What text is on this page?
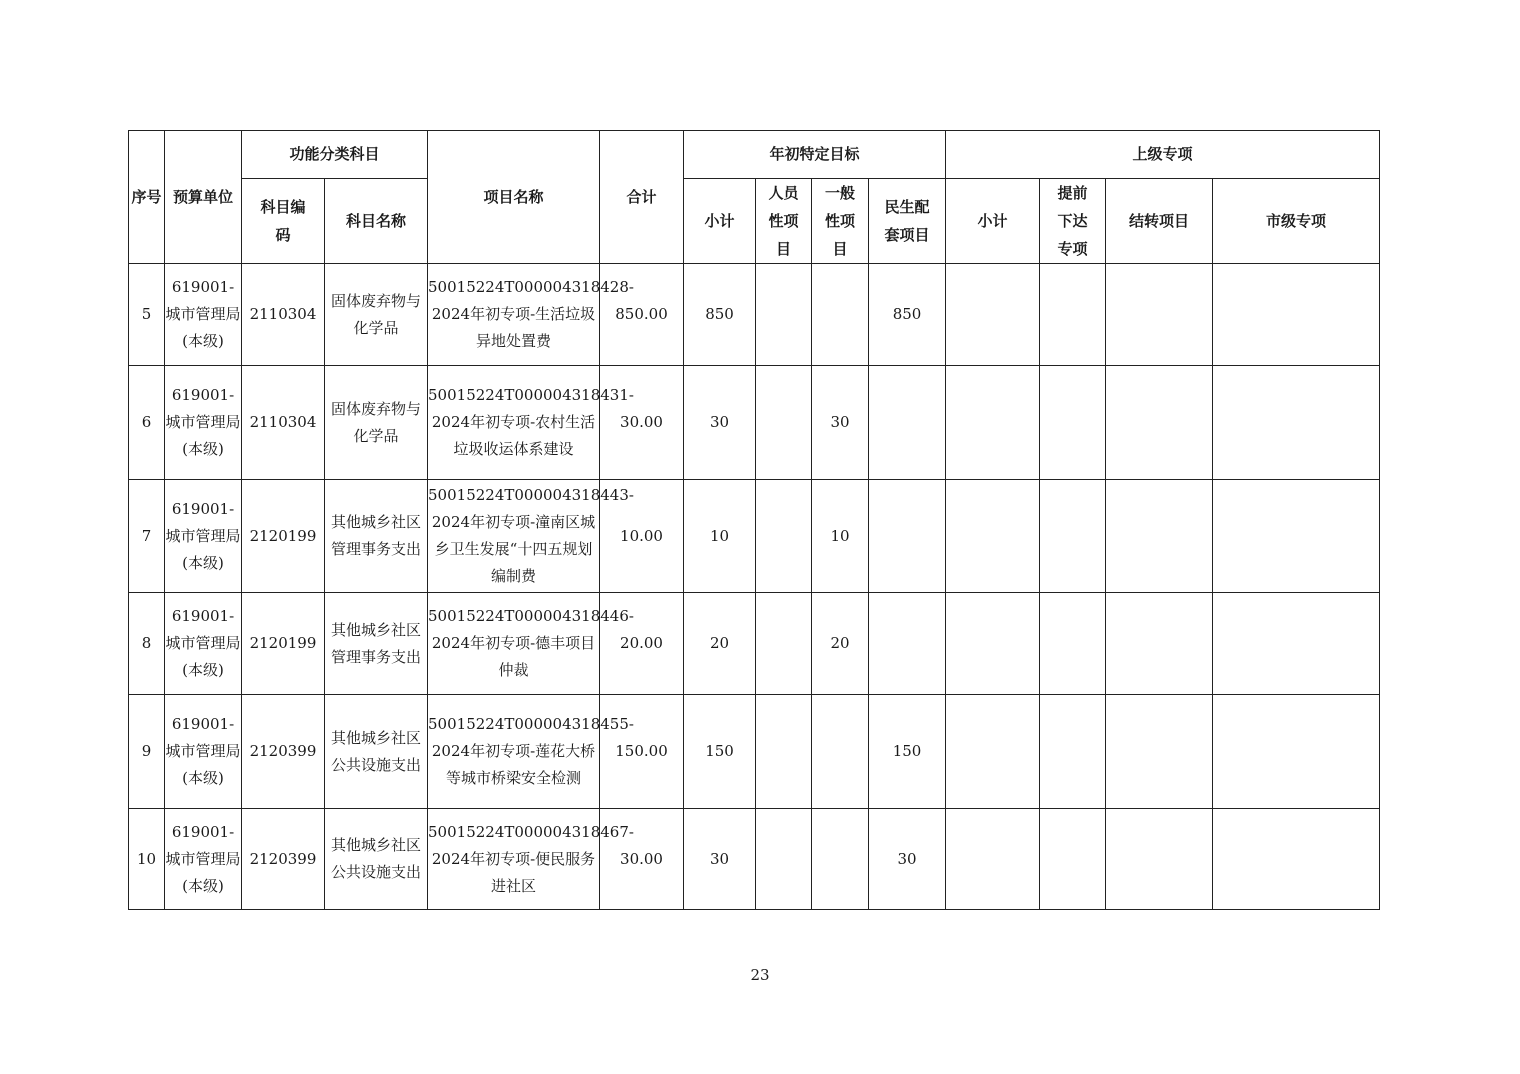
序号	预算单位	功能分类科目		项目名称	合计	年初特定目标				上级专项			

		科目编码	科目名称			小计	人员性项目	一般性项目	民生配套项目	小计	提前下达专项	结转项目	市级专项
5	619001-城市管理局(本级)	2110304	固体废弃物与化学品	50015224T000004318428-2024年初专项-生活垃圾异地处置费	850.00	850			850				
6	619001-城市管理局(本级)	2110304	固体废弃物与化学品	50015224T000004318431-2024年初专项-农村生活垃圾收运体系建设	30.00	30		30					
7	619001-城市管理局(本级)	2120199	其他城乡社区管理事务支出	50015224T000004318443-2024年初专项-潼南区城乡卫生发展“十四五规划编制费	10.00	10		10					
8	619001-城市管理局(本级)	2120199	其他城乡社区管理事务支出	50015224T000004318446-2024年初专项-德丰项目仲裁	20.00	20		20					
9	619001-城市管理局(本级)	2120399	其他城乡社区公共设施支出	50015224T000004318455-2024年初专项-莲花大桥等城市桥梁安全检测	150.00	150			150				
10	619001-城市管理局(本级)	2120399	其他城乡社区公共设施支出	50015224T000004318467-2024年初专项-便民服务进社区	30.00	30			30				
23
